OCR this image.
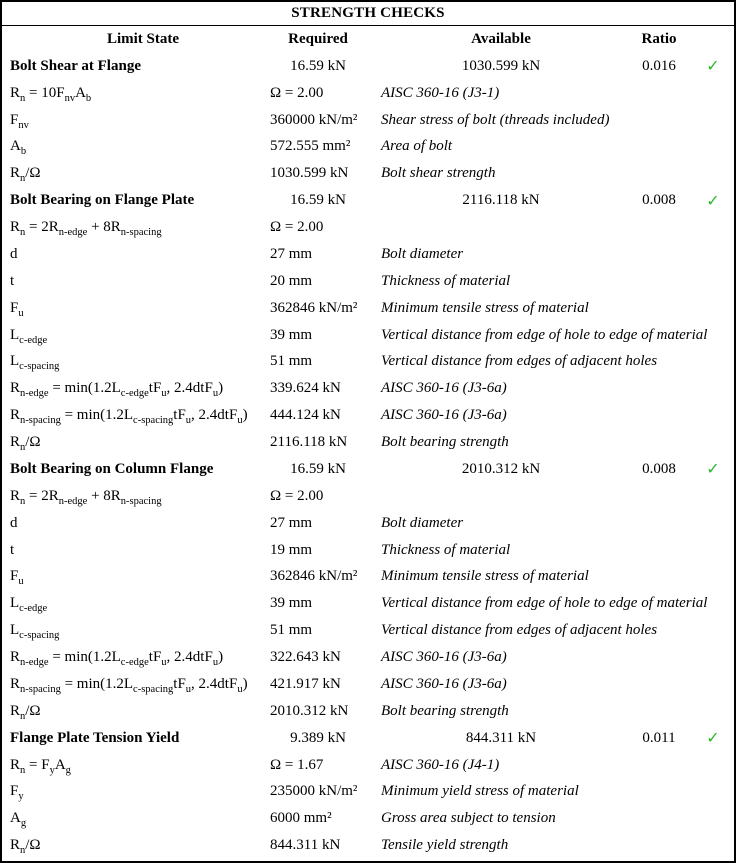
STRENGTH CHECKS
Limit State	Required	Available	Ratio
Bolt Shear at Flange	16.59 kN	1030.599 kN	0.016	✓
$R_n = 10F_{nv}A_b$	Ω = 2.00	AISC 360-16 (J3-1)
$F_{nv}$	360000 kN/m²	Shear stress of bolt (threads included)
$A_b$	572.555 mm²	Area of bolt
$R_n/\Omega$	1030.599 kN	Bolt shear strength
Bolt Bearing on Flange Plate	16.59 kN	2116.118 kN	0.008	✓
$R_n = 2R_{n-edge} + 8R_{n-spacing}$	Ω = 2.00
d	27 mm	Bolt diameter
t	20 mm	Thickness of material
$F_u$	362846 kN/m²	Minimum tensile stress of material
$L_{c-edge}$	39 mm	Vertical distance from edge of hole to edge of material
$L_{c-spacing}$	51 mm	Vertical distance from edges of adjacent holes
$R_{n-edge} = \min(1.2L_{c-edge}tF_u$, 2.4dtF$_u$)	339.624 kN	AISC 360-16 (J3-6a)
$R_{n-spacing} = \min(1.2L_{c-spacing}tF_u$, 2.4dtF$_u$)	444.124 kN	AISC 360-16 (J3-6a)
$R_n/\Omega$	2116.118 kN	Bolt bearing strength
Bolt Bearing on Column Flange	16.59 kN	2010.312 kN	0.008	✓
$R_n = 2R_{n-edge} + 8R_{n-spacing}$	Ω = 2.00
d	27 mm	Bolt diameter
t	19 mm	Thickness of material
$F_u$	362846 kN/m²	Minimum tensile stress of material
$L_{c-edge}$	39 mm	Vertical distance from edge of hole to edge of material
$L_{c-spacing}$	51 mm	Vertical distance from edges of adjacent holes
$R_{n-edge} = \min(1.2L_{c-edge}tF_u$, 2.4dtF$_u$)	322.643 kN	AISC 360-16 (J3-6a)
$R_{n-spacing} = \min(1.2L_{c-spacing}tF_u$, 2.4dtF$_u$)	421.917 kN	AISC 360-16 (J3-6a)
$R_n/\Omega$	2010.312 kN	Bolt bearing strength
Flange Plate Tension Yield	9.389 kN	844.311 kN	0.011	✓
$R_n = F_yA_g$	Ω = 1.67	AISC 360-16 (J4-1)
$F_y$	235000 kN/m²	Minimum yield stress of material
$A_g$	6000 mm²	Gross area subject to tension
$R_n/\Omega$	844.311 kN	Tensile yield strength
